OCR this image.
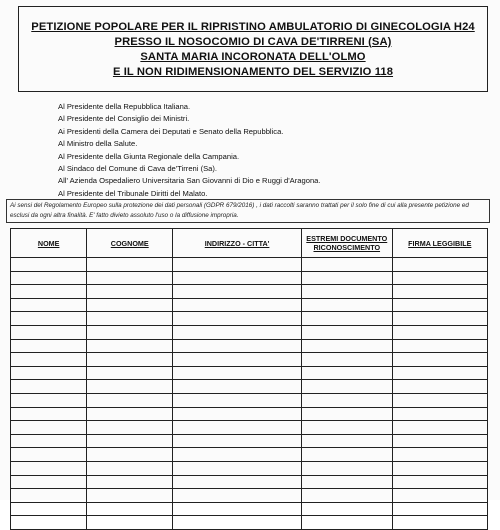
PETIZIONE POPOLARE PER IL RIPRISTINO AMBULATORIO DI GINECOLOGIA H24
PRESSO IL NOSOCOMIO DI CAVA DE'TIRRENI (SA)
SANTA MARIA INCORONATA DELL'OLMO
E IL NON RIDIMENSIONAMENTO DEL SERVIZIO 118
Al Presidente della Repubblica Italiana.
Al Presidente del Consiglio dei Ministri.
Ai Presidenti della Camera dei Deputati e Senato della Repubblica.
Al Ministro della Salute.
Al Presidente della Giunta Regionale della Campania.
Al Sindaco del Comune di Cava de'Tirreni (Sa).
All' Azienda Ospedaliero Universitaria San Giovanni di Dio e Ruggi d'Aragona.
Al Presidente del Tribunale Diritti del Malato.
Ai sensi del Regolamento Europeo sulla protezione dei dati personali (GDPR 679/2016) , i dati raccolti saranno trattati per il solo fine di cui alla presente petizione ed esclusi da ogni altra finalità. E' fatto divieto assoluto l'uso o la diffusione impropria.
NOME	COGNOME	INDIRIZZO - CITTA'	ESTREMI DOCUMENTO RICONOSCIMENTO	FIRMA LEGGIBILE
